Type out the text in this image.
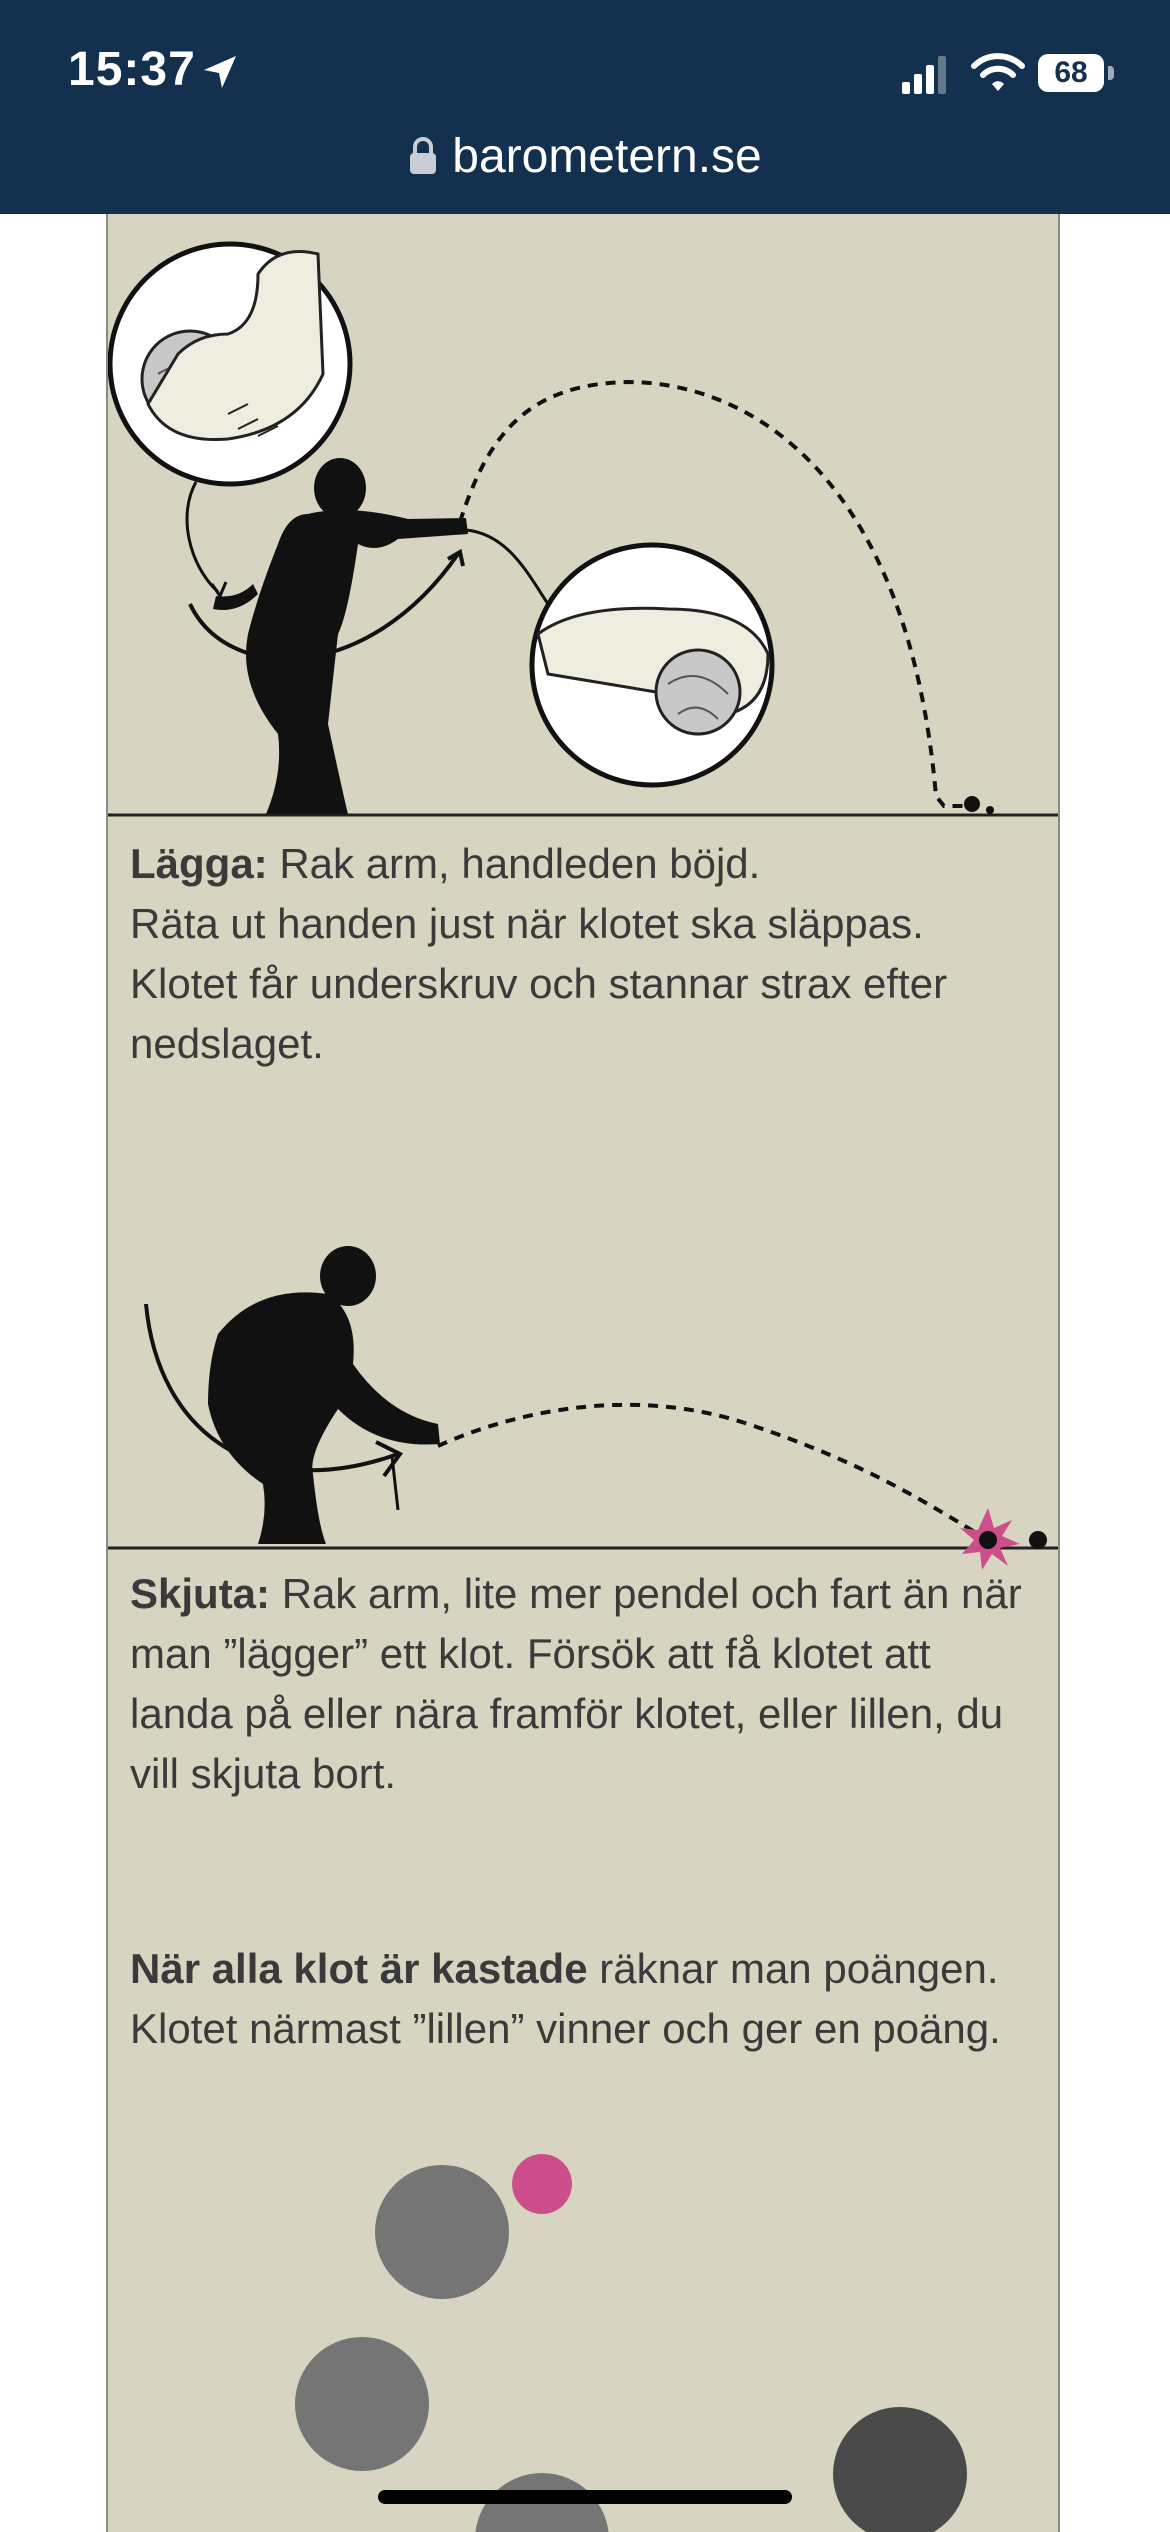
15:37	68
barometern.se
Lägga: Rak arm, handleden böjd.
Räta ut handen just när klotet ska släppas. Klotet får underskruv och stannar strax efter nedslaget.
Skjuta: Rak arm, lite mer pendel och fart än när man ”lägger” ett klot. Försök att få klotet att landa på eller nära framför klotet, eller lillen, du vill skjuta bort.
När alla klot är kastade räknar man poängen. Klotet närmast ”lillen” vinner och ger en poäng.
